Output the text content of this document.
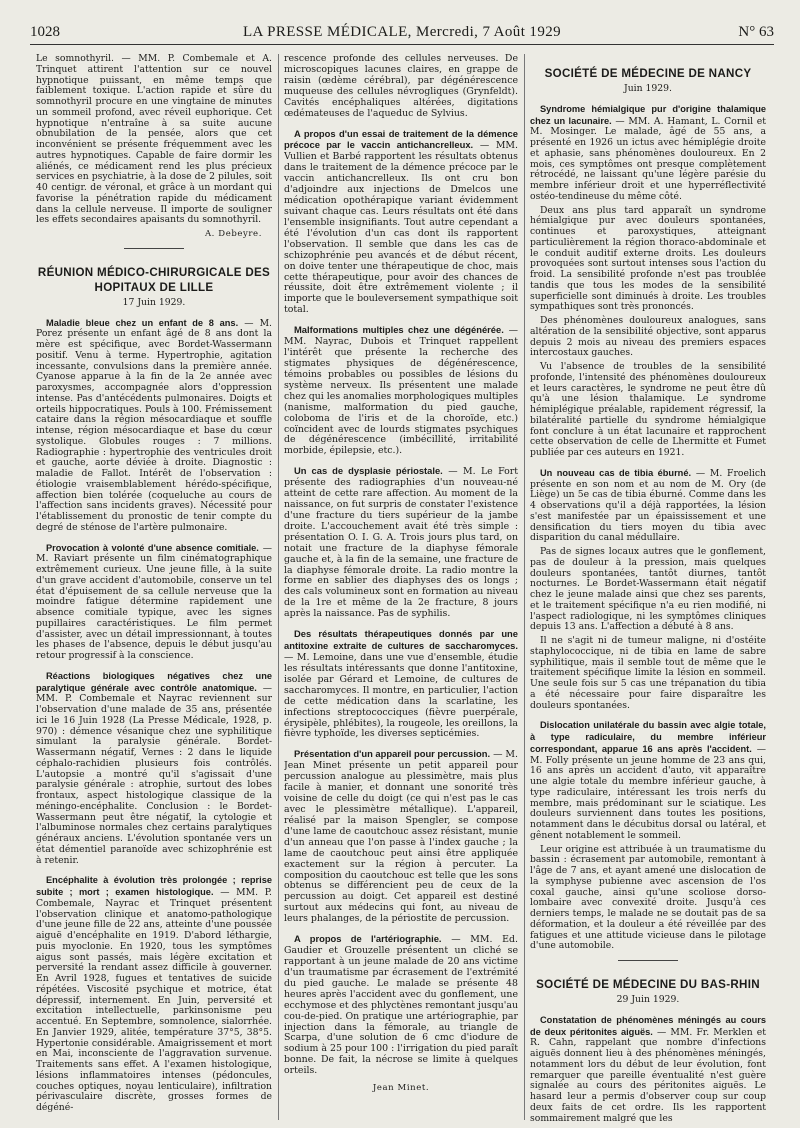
1028	LA PRESSE MÉDICALE, Mercredi, 7 Août 1929	N° 63

Le somnothyril. — MM. P. Combemale et A. Trinquet attirent l'attention sur ce nouvel hypnotique puissant, en même temps que faiblement toxique. L'action rapide et sûre du somnothyril procure en une vingtaine de minutes un sommeil profond, avec réveil euphorique. Cet hypnotique n'entraîne à sa suite aucune obnubilation de la pensée, alors que cet inconvénient se présente fréquemment avec les autres hypnotiques. Capable de faire dormir les aliénés, ce médicament rend les plus précieux services en psychiatrie, à la dose de 2 pilules, soit 40 centigr. de véronal, et grâce à un mordant qui favorise la pénétration rapide du médicament dans la cellule nerveuse. Il importe de souligner les effets secondaires apaisants du somnothyril.

A. Debeyre.
RÉUNION MÉDICO-CHIRURGICALE DES HOPITAUX DE LILLE
17 Juin 1929.

Maladie bleue chez un enfant de 8 ans. — M. Porez présente un enfant âgé de 8 ans dont la mère est spécifique, avec Bordet-Wassermann positif. Venu à terme. Hypertrophie, agitation incessante, convulsions dans la première année. Cyanose apparue à la fin de la 2e année avec paroxysmes, accompagnée alors d'oppression intense. Pas d'antécédents pulmonaires. Doigts et orteils hippocratiques. Pouls à 100. Frémissement cataire dans la région mésocardiaque et souffle intense, région mésocardiaque et base du cœur systolique. Globules rouges : 7 millions. Radiographie : hypertrophie des ventricules droit et gauche, aorte déviée à droite. Diagnostic : maladie de Fallot. Intérêt de l'observation : étiologie vraisemblablement hérédo-spécifique, affection bien tolérée (coqueluche au cours de l'affection sans incidents graves). Nécessité pour l'établissement du pronostic de tenir compte du degré de sténose de l'artère pulmonaire.

Provocation à volonté d'une absence comitiale. — M. Raviart présente un film cinématographique extrêmement curieux. Une jeune fille, à la suite d'un grave accident d'automobile, conserve un tel état d'épuisement de sa cellule nerveuse que la moindre fatigue détermine rapidement une absence comitiale typique, avec les signes pupillaires caractéristiques. Le film permet d'assister, avec un détail impressionnant, à toutes les phases de l'absence, depuis le début jusqu'au retour progressif à la conscience.

Réactions biologiques négatives chez une paralytique générale avec contrôle anatomique. — MM. P. Combemale et Nayrac reviennent sur l'observation d'une malade de 35 ans, présentée ici le 16 Juin 1928 (La Presse Médicale, 1928, p. 970) : démence vésanique chez une syphilitique simulant la paralysie générale. Bordet-Wassermann négatif, Vernes : 2 dans le liquide céphalo-rachidien plusieurs fois contrôlés. L'autopsie a montré qu'il s'agissait d'une paralysie générale : atrophie, surtout des lobes frontaux, aspect histologique classique de la méningo-encéphalite. Conclusion : le Bordet-Wassermann peut être négatif, la cytologie et l'albuminose normales chez certains paralytiques généraux anciens. L'évolution spontanée vers un état démentiel paranoïde avec schizophrénie est à retenir.

Encéphalite à évolution très prolongée ; reprise subite ; mort ; examen histologique. — MM. P. Combemale, Nayrac et Trinquet présentent l'observation clinique et anatomo-pathologique d'une jeune fille de 22 ans, atteinte d'une poussée aiguë d'encéphalite en 1919. D'abord léthargie, puis myoclonie. En 1920, tous les symptômes aigus sont passés, mais légère excitation et perversité la rendant assez difficile à gouverner. En Avril 1928, fugues et tentatives de suicide répétées. Viscosité psychique et motrice, état dépressif, internement. En Juin, perversité et excitation intellectuelle, parkinsonisme peu accentué. En Septembre, somnolence, sialorrhée. En Janvier 1929, alitée, température 37°5, 38°5. Hypertonie considérable. Amaigrissement et mort en Mai, inconsciente de l'aggravation survenue. Traitements sans effet. A l'examen histologique, lésions inflammatoires intenses (pédoncules, couches optiques, noyau lenticulaire), infiltration périvasculaire discrète, grosses formes de dégéné-

rescence profonde des cellules nerveuses. De microscopiques lacunes claires, en grappe de raisin (œdème cérébral), par dégénérescence muqueuse des cellules névrogliques (Grynfeldt). Cavités encéphaliques altérées, digitations œdémateuses de l'aqueduc de Sylvius.

A propos d'un essai de traitement de la démence précoce par le vaccin antichancrelleux. — MM. Vullien et Barbé rapportent les résultats obtenus dans le traitement de la démence précoce par le vaccin antichancrelleux. Ils ont cru bon d'adjoindre aux injections de Dmelcos une médication opothérapique variant évidemment suivant chaque cas. Leurs résultats ont été dans l'ensemble insignifiants. Tout autre cependant a été l'évolution d'un cas dont ils rapportent l'observation. Il semble que dans les cas de schizophrénie peu avancés et de début récent, on doive tenter une thérapeutique de choc, mais cette thérapeutique, pour avoir des chances de réussite, doit être extrêmement violente ; il importe que le bouleversement sympathique soit total.

Malformations multiples chez une dégénérée. — MM. Nayrac, Dubois et Trinquet rappellent l'intérêt que présente la recherche des stigmates physiques de dégénérescence, témoins probables ou possibles de lésions du système nerveux. Ils présentent une malade chez qui les anomalies morphologiques multiples (nanisme, malformation du pied gauche, coloboma de l'iris et de la choroïde, etc.) coïncident avec de lourds stigmates psychiques de dégénérescence (imbécillité, irritabilité morbide, épilepsie, etc.).

Un cas de dysplasie périostale. — M. Le Fort présente des radiographies d'un nouveau-né atteint de cette rare affection. Au moment de la naissance, on fut surpris de constater l'existence d'une fracture du tiers supérieur de la jambe droite. L'accouchement avait été très simple : présentation O. I. G. A. Trois jours plus tard, on notait une fracture de la diaphyse fémorale gauche et, à la fin de la semaine, une fracture de la diaphyse fémorale droite. La radio montre la forme en sablier des diaphyses des os longs ; des cals volumineux sont en formation au niveau de la 1re et même de la 2e fracture, 8 jours après la naissance. Pas de syphilis.

Des résultats thérapeutiques donnés par une antitoxine extraite de cultures de saccharomyces. — M. Lemoine, dans une vue d'ensemble, étudie les résultats intéressants que donne l'antitoxine, isolée par Gérard et Lemoine, de cultures de saccharomyces. Il montre, en particulier, l'action de cette médication dans la scarlatine, les infections streptococciques (fièvre puerpérale, érysipèle, phlébites), la rougeole, les oreillons, la fièvre typhoïde, les diverses septicémies.

Présentation d'un appareil pour percussion. — M. Jean Minet présente un petit appareil pour percussion analogue au plessimètre, mais plus facile à manier, et donnant une sonorité très voisine de celle du doigt (ce qui n'est pas le cas avec le plessimètre métallique). L'appareil, réalisé par la maison Spengler, se compose d'une lame de caoutchouc assez résistant, munie d'un anneau que l'on passe à l'index gauche ; la lame de caoutchouc peut ainsi être appliquée exactement sur la région à percuter. La composition du caoutchouc est telle que les sons obtenus se différencient peu de ceux de la percussion au doigt. Cet appareil est destiné surtout aux médecins qui font, au niveau de leurs phalanges, de la périostite de percussion.

A propos de l'artériographie. — MM. Ed. Gaudier et Grouzelle présentent un cliché se rapportant à un jeune malade de 20 ans victime d'un traumatisme par écrasement de l'extrémité du pied gauche. Le malade se présente 48 heures après l'accident avec du gonflement, une ecchymose et des phlyctènes remontant jusqu'au cou-de-pied. On pratique une artériographie, par injection dans la fémorale, au triangle de Scarpa, d'une solution de 6 cmc d'iodure de sodium à 25 pour 100 : l'irrigation du pied paraît bonne. De fait, la nécrose se limite à quelques orteils.

Jean Minet.
SOCIÉTÉ DE MÉDECINE DE NANCY
Juin 1929.

Syndrome hémialgique pur d'origine thalamique chez un lacunaire. — MM. A. Hamant, L. Cornil et M. Mosinger. Le malade, âgé de 55 ans, a présenté en 1926 un ictus avec hémiplégie droite et aphasie, sans phénomènes douloureux. En 2 mois, ces symptômes ont presque complètement rétrocédé, ne laissant qu'une légère parésie du membre inférieur droit et une hyperréflectivité ostéo-tendineuse du même côté.

Deux ans plus tard apparaît un syndrome hémialgique pur avec douleurs spontanées, continues et paroxystiques, atteignant particulièrement la région thoraco-abdominale et le conduit auditif externe droits. Les douleurs provoquées sont surtout intenses sous l'action du froid. La sensibilité profonde n'est pas troublée tandis que tous les modes de la sensibilité superficielle sont diminués à droite. Les troubles sympathiques sont très prononcés.

Des phénomènes douloureux analogues, sans altération de la sensibilité objective, sont apparus depuis 2 mois au niveau des premiers espaces intercostaux gauches.

Vu l'absence de troubles de la sensibilité profonde, l'intensité des phénomènes douloureux et leurs caractères, le syndrome ne peut être dû qu'à une lésion thalamique. Le syndrome hémiplégique préalable, rapidement régressif, la bilatéralité partielle du syndrome hémialgique font conclure à un état lacunaire et rapprochent cette observation de celle de Lhermitte et Fumet publiée par ces auteurs en 1921.

Un nouveau cas de tibia éburné. — M. Froelich présente en son nom et au nom de M. Ory (de Liège) un 5e cas de tibia éburné. Comme dans les 4 observations qu'il a déjà rapportées, la lésion s'est manifestée par un épaississement et une densification du tiers moyen du tibia avec disparition du canal médullaire.

Pas de signes locaux autres que le gonflement, pas de douleur à la pression, mais quelques douleurs spontanées, tantôt diurnes, tantôt nocturnes. Le Bordet-Wassermann était négatif chez le jeune malade ainsi que chez ses parents, et le traitement spécifique n'a eu rien modifié, ni l'aspect radiologique, ni les symptômes cliniques depuis 13 ans. L'affection a débuté à 8 ans.

Il ne s'agit ni de tumeur maligne, ni d'ostéite staphylococcique, ni de tibia en lame de sabre syphilitique, mais il semble tout de même que le traitement spécifique limite la lésion en sommeil. Une seule fois sur 5 cas une trépanation du tibia a été nécessaire pour faire disparaître les douleurs spontanées.

Dislocation unilatérale du bassin avec algie totale, à type radiculaire, du membre inférieur correspondant, apparue 16 ans après l'accident. — M. Folly présente un jeune homme de 23 ans qui, 16 ans après un accident d'auto, vit apparaître une algie totale du membre inférieur gauche, à type radiculaire, intéressant les trois nerfs du membre, mais prédominant sur le sciatique. Les douleurs surviennent dans toutes les positions, notamment dans le décubitus dorsal ou latéral, et gênent notablement le sommeil.

Leur origine est attribuée à un traumatisme du bassin : écrasement par automobile, remontant à l'âge de 7 ans, et ayant amené une dislocation de la symphyse pubienne avec ascension de l'os coxal gauche, ainsi qu'une scoliose dorso-lombaire avec convexité droite. Jusqu'à ces derniers temps, le malade ne se doutait pas de sa déformation, et la douleur a été réveillée par des fatigues et une attitude vicieuse dans le pilotage d'une automobile.

SOCIÉTÉ DE MÉDECINE DU BAS-RHIN
29 Juin 1929.

Constatation de phénomènes méningés au cours de deux péritonites aiguës. — MM. Fr. Merklen et R. Cahn, rappelant que nombre d'infections aiguës donnent lieu à des phénomènes méningés, notamment lors du début de leur évolution, font remarquer que pareille éventualité n'est guère signalée au cours des péritonites aiguës. Le hasard leur a permis d'observer coup sur coup deux faits de cet ordre. Ils les rapportent sommairement malgré que les
